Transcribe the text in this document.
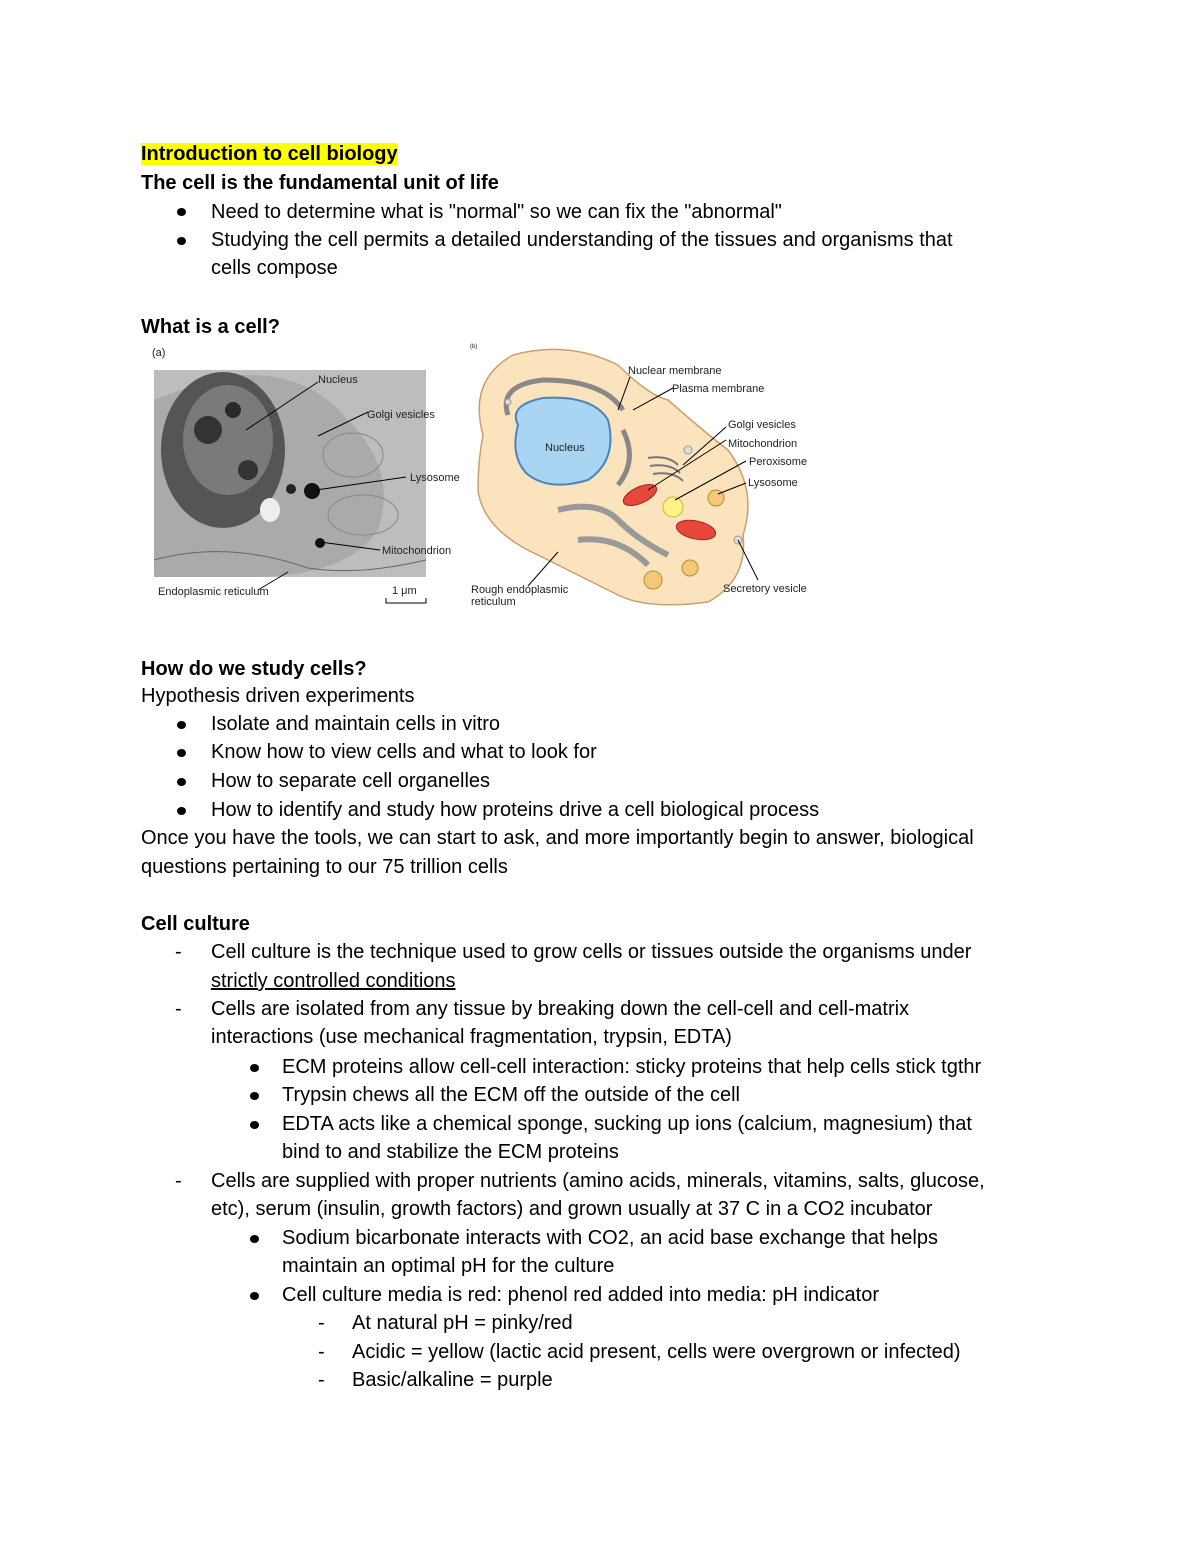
Introduction to cell biology
The cell is the fundamental unit of life
Need to determine what is "normal" so we can fix the "abnormal"
Studying the cell permits a detailed understanding of the tissues and organisms that
cells compose
What is a cell?
(a)
Nucleus
Golgi vesicles
Lysosome
Mitochondrion
Endoplasmic reticulum	1 μm
(b)
Nucleus
Nuclear membrane
Plasma membrane
Golgi vesicles
Mitochondrion
Peroxisome
Lysosome
Rough endoplasmic
reticulum
Secretory vesicle
How do we study cells?
Hypothesis driven experiments
Isolate and maintain cells in vitro
Know how to view cells and what to look for
How to separate cell organelles
How to identify and study how proteins drive a cell biological process
Once you have the tools, we can start to ask, and more importantly begin to answer, biological
questions pertaining to our 75 trillion cells
Cell culture
- Cell culture is the technique used to grow cells or tissues outside the organisms under
strictly controlled conditions
- Cells are isolated from any tissue by breaking down the cell-cell and cell-matrix
interactions (use mechanical fragmentation, trypsin, EDTA)
ECM proteins allow cell-cell interaction: sticky proteins that help cells stick tgthr
Trypsin chews all the ECM off the outside of the cell
EDTA acts like a chemical sponge, sucking up ions (calcium, magnesium) that
bind to and stabilize the ECM proteins
- Cells are supplied with proper nutrients (amino acids, minerals, vitamins, salts, glucose,
etc), serum (insulin, growth factors) and grown usually at 37 C in a CO2 incubator
Sodium bicarbonate interacts with CO2, an acid base exchange that helps
maintain an optimal pH for the culture
Cell culture media is red: phenol red added into media: pH indicator
- At natural pH = pinky/red
- Acidic = yellow (lactic acid present, cells were overgrown or infected)
- Basic/alkaline = purple
